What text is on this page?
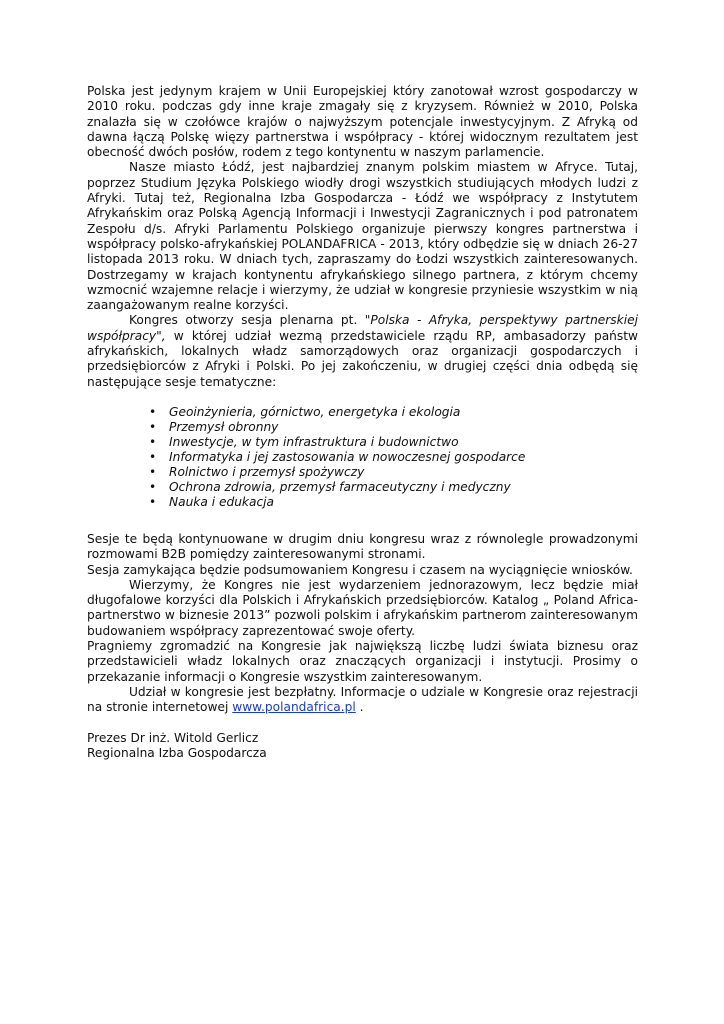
Polska jest jedynym krajem w Unii Europejskiej który zanotował wzrost gospodarczy w 2010 roku. podczas gdy inne kraje zmagały się z kryzysem. Również w 2010, Polska znalazła się w czołówce krajów o najwyższym potencjale inwestycyjnym. Z Afryką od dawna łączą Polskę więzy partnerstwa i współpracy - której widocznym rezultatem jest obecność dwóch posłów, rodem z tego kontynentu w naszym parlamencie.

Nasze miasto Łódź, jest najbardziej znanym polskim miastem w Afryce. Tutaj, poprzez Studium Języka Polskiego wiodły drogi wszystkich studiujących młodych ludzi z Afryki. Tutaj też, Regionalna Izba Gospodarcza - Łódź we współpracy z Instytutem Afrykańskim oraz Polską Agencją Informacji i Inwestycji Zagranicznych i pod patronatem Zespołu d/s. Afryki Parlamentu Polskiego organizuje pierwszy kongres partnerstwa i współpracy polsko-afrykańskiej POLANDAFRICA - 2013, który odbędzie się w dniach 26-27 listopada 2013 roku. W dniach tych, zapraszamy do Łodzi wszystkich zainteresowanych. Dostrzegamy w krajach kontynentu afrykańskiego silnego partnera, z którym chcemy wzmocnić wzajemne relacje i wierzymy, że udział w kongresie przyniesie wszystkim w nią zaangażowanym realne korzyści.

Kongres otworzy sesja plenarna pt. "Polska - Afryka, perspektywy partnerskiej współpracy", w której udział wezmą przedstawiciele rządu RP, ambasadorzy państw afrykańskich, lokalnych władz samorządowych oraz organizacji gospodarczych i przedsiębiorców z Afryki i Polski. Po jej zakończeniu, w drugiej części dnia odbędą się następujące sesje tematyczne:

• Geoinżynieria, górnictwo, energetyka i ekologia
• Przemysł obronny
• Inwestycje, w tym infrastruktura i budownictwo
• Informatyka i jej zastosowania w nowoczesnej gospodarce
• Rolnictwo i przemysł spożywczy
• Ochrona zdrowia, przemysł farmaceutyczny i medyczny
• Nauka i edukacja

Sesje te będą kontynuowane w drugim dniu kongresu wraz z równolegle prowadzonymi rozmowami B2B pomiędzy zainteresowanymi stronami.

Sesja zamykająca będzie podsumowaniem Kongresu i czasem na wyciągnięcie wniosków.

Wierzymy, że Kongres nie jest wydarzeniem jednorazowym, lecz będzie miał długofalowe korzyści dla Polskich i Afrykańskich przedsiębiorców. Katalog „ Poland Africa- partnerstwo w biznesie 2013” pozwoli polskim i afrykańskim partnerom zainteresowanym budowaniem współpracy zaprezentować swoje oferty.

Pragniemy zgromadzić na Kongresie jak największą liczbę ludzi świata biznesu oraz przedstawicieli władz lokalnych oraz znaczących organizacji i instytucji. Prosimy o przekazanie informacji o Kongresie wszystkim zainteresowanym.

Udział w kongresie jest bezpłatny. Informacje o udziale w Kongresie oraz rejestracji na stronie internetowej www.polandafrica.pl .

Prezes Dr inż. Witold Gerlicz

Regionalna Izba Gospodarcza
